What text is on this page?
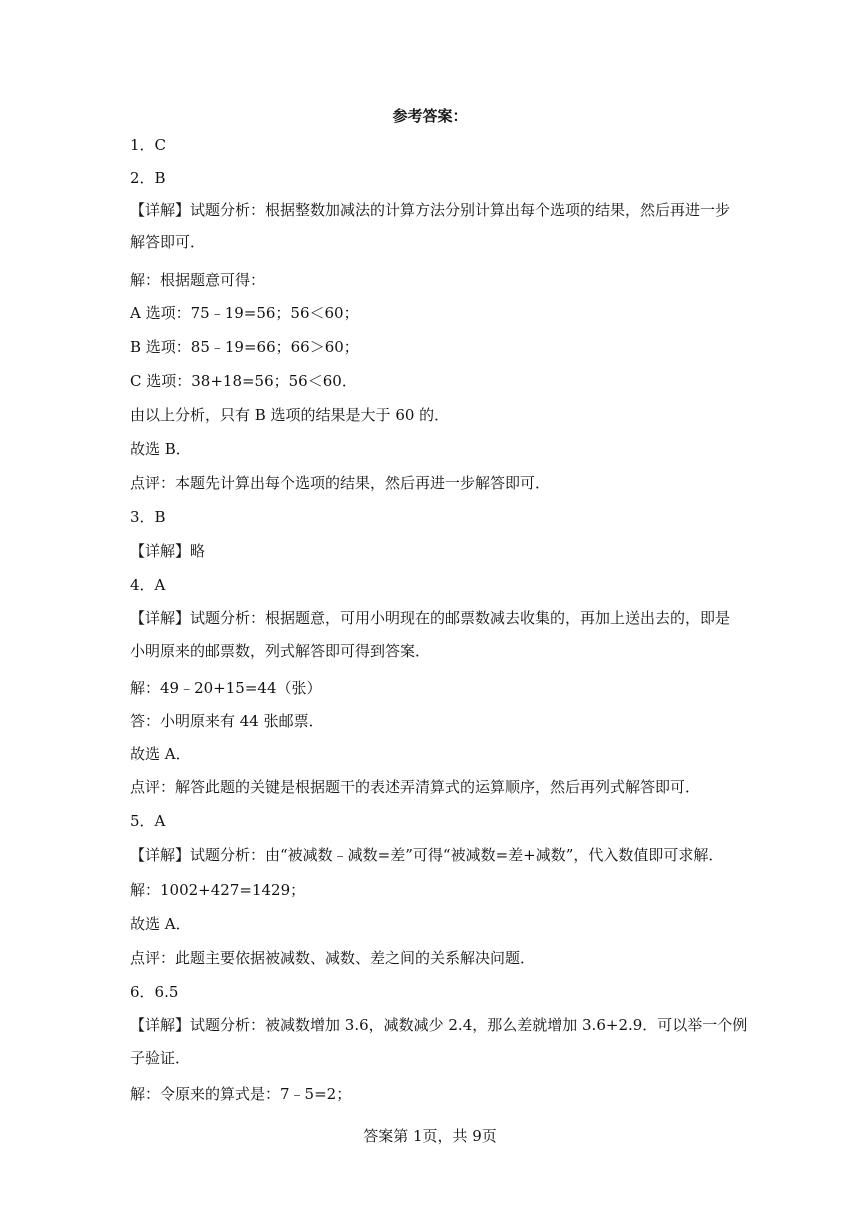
参考答案：
1．C
2．B
【详解】试题分析：根据整数加减法的计算方法分别计算出每个选项的结果，然后再进一步
解答即可．
解：根据题意可得：
A 选项：75﹣19=56；56＜60；
B 选项：85﹣19=66；66＞60；
C 选项：38+18=56；56＜60．
由以上分析，只有 B 选项的结果是大于 60 的．
故选 B．
点评：本题先计算出每个选项的结果，然后再进一步解答即可．
3．B
【详解】略
4．A
【详解】试题分析：根据题意，可用小明现在的邮票数减去收集的，再加上送出去的，即是
小明原来的邮票数，列式解答即可得到答案．
解：49﹣20+15=44（张）
答：小明原来有 44 张邮票．
故选 A．
点评：解答此题的关键是根据题干的表述弄清算式的运算顺序，然后再列式解答即可．
5．A
【详解】试题分析：由“被减数﹣减数=差”可得“被减数=差+减数”，代入数值即可求解．
解：1002+427=1429；
故选 A．
点评：此题主要依据被减数、减数、差之间的关系解决问题．
6．6.5
【详解】试题分析：被减数增加 3.6，减数减少 2.4，那么差就增加 3.6+2.9．可以举一个例
子验证．
解：令原来的算式是：7﹣5=2；
答案第 1页，共 9页
